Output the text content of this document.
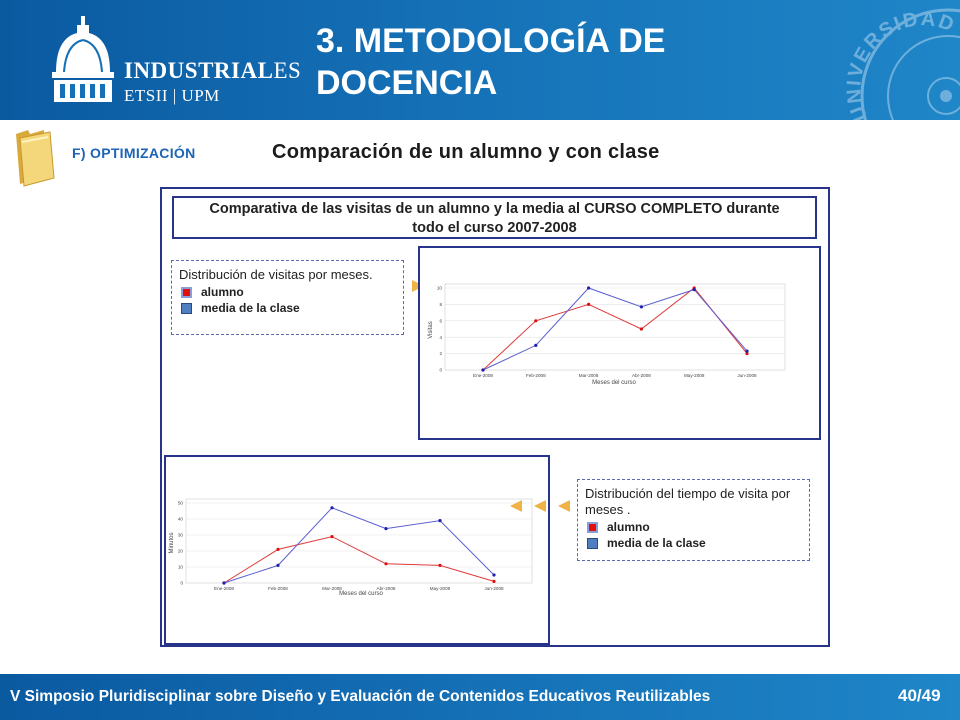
INDUSTRIALES
ETSII | UPM
3. METODOLOGÍA DE
DOCENCIA
UNIVERSIDAD
F) OPTIMIZACIÓN	Comparación de un alumno y con clase
Comparativa de las visitas de un alumno y la media al CURSO COMPLETO durante
todo el curso 2007-2008
Distribución de visitas por meses.
alumno
media de la clase
Visitas
Meses del curso
0
2
4
6
8
10
Ene-2008	Feb-2008	Mar-2008	Abr-2008	May-2008	Jun-2008
Minutos
Meses del curso
0
10
20
30
40
50
Ene-2008	Feb-2008	Mar-2008	Abr-2008	May-2008	Jun-2008
Distribución del tiempo de visita por
meses .
alumno
media de la clase
V Simposio Pluridisciplinar sobre Diseño y Evaluación de Contenidos Educativos Reutilizables	40/49
